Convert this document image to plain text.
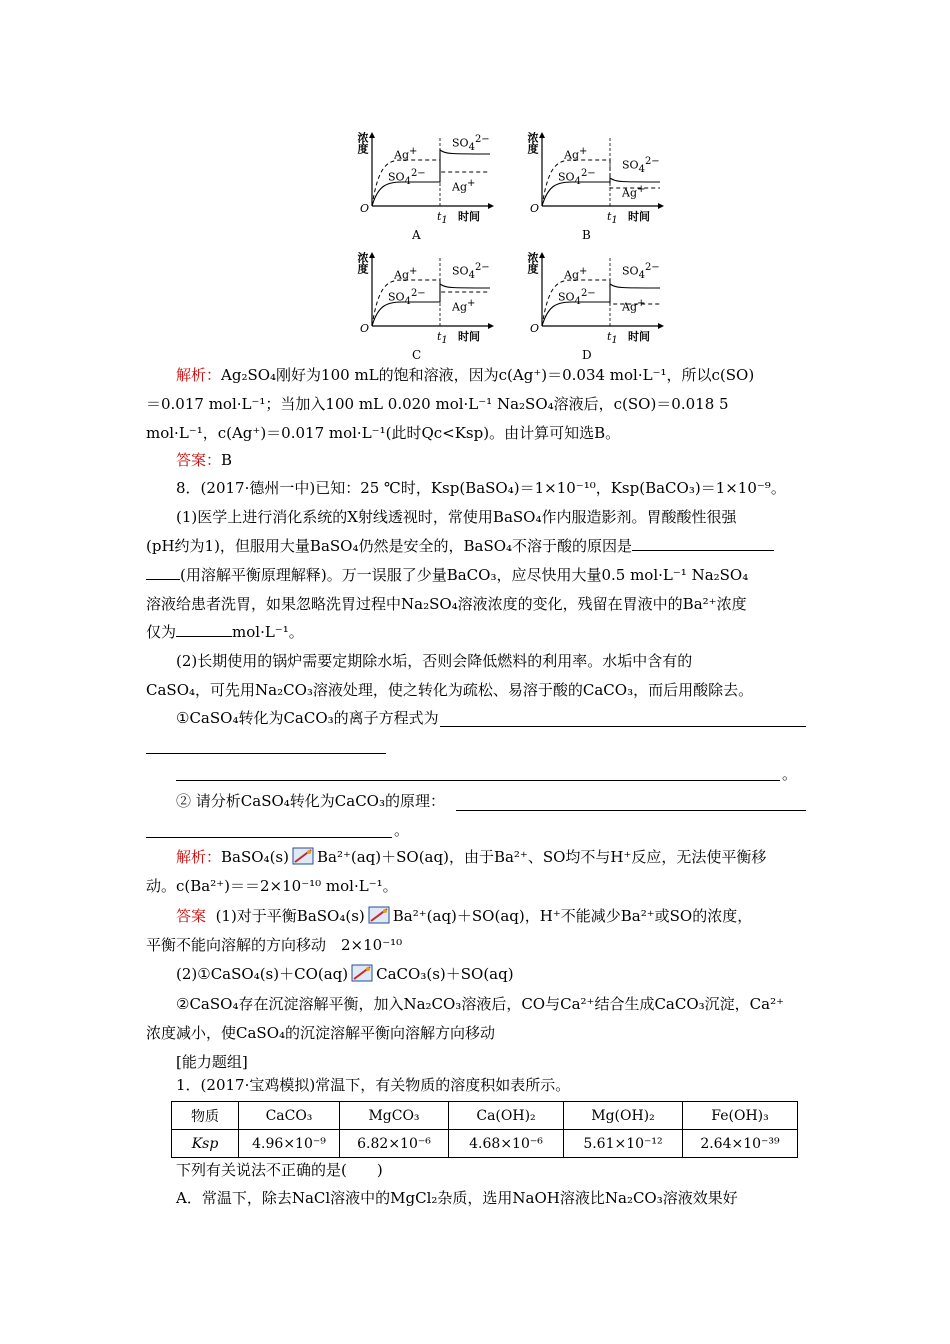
浓度
O
$t_1$ 时间
Ag+
$SO_4^{2-}$
Ag+
$SO_4^{2-}$
A
浓度
O
$t_1$ 时间
Ag+
$SO_4^{2-}$
Ag+
$SO_4^{2-}$
B
浓度
O
$t_1$ 时间
Ag+
$SO_4^{2-}$
Ag+
$SO_4^{2-}$
C
浓度
O
$t_1$ 时间
Ag+
$SO_4^{2-}$
Ag+
$SO_4^{2-}$
D
解析：Ag₂SO₄刚好为100 mL的饱和溶液，因为c(Ag⁺)＝0.034 mol·L⁻¹，所以c(SO)
＝0.017 mol·L⁻¹；当加入100 mL 0.020 mol·L⁻¹ Na₂SO₄溶液后，c(SO)＝0.018 5
mol·L⁻¹，c(Ag⁺)＝0.017 mol·L⁻¹(此时Qc<Ksp)。由计算可知选B。
答案：B
8．(2017·德州一中)已知：25 ℃时，Ksp(BaSO₄)＝1×10⁻¹⁰，Ksp(BaCO₃)＝1×10⁻⁹。
(1)医学上进行消化系统的X射线透视时，常使用BaSO₄作内服造影剂。胃酸酸性很强
(pH约为1)，但服用大量BaSO₄仍然是安全的，BaSO₄不溶于酸的原因是
(用溶解平衡原理解释)。万一误服了少量BaCO₃，应尽快用大量0.5 mol·L⁻¹ Na₂SO₄
溶液给患者洗胃，如果忽略洗胃过程中Na₂SO₄溶液浓度的变化，残留在胃液中的Ba²⁺浓度
仅为	mol·L⁻¹。
(2)长期使用的锅炉需要定期除水垢，否则会降低燃料的利用率。水垢中含有的
CaSO₄，可先用Na₂CO₃溶液处理，使之转化为疏松、易溶于酸的CaCO₃，而后用酸除去。
①CaSO₄转化为CaCO₃的离子方程式为
。
② 请分析CaSO₄转化为CaCO₃的原理：
。
解析：BaSO₄(s) Ba²⁺(aq)＋SO(aq)，由于Ba²⁺、SO均不与H⁺反应，无法使平衡移
动。c(Ba²⁺)＝＝2×10⁻¹⁰ mol·L⁻¹。
答案 (1)对于平衡BaSO₄(s) Ba²⁺(aq)＋SO(aq)，H⁺不能减少Ba²⁺或SO的浓度，
平衡不能向溶解的方向移动　2×10⁻¹⁰
(2)①CaSO₄(s)＋CO(aq) CaCO₃(s)＋SO(aq)
②CaSO₄存在沉淀溶解平衡，加入Na₂CO₃溶液后，CO与Ca²⁺结合生成CaCO₃沉淀，Ca²⁺
浓度减小，使CaSO₄的沉淀溶解平衡向溶解方向移动
[能力题组]
1．(2017·宝鸡模拟)常温下，有关物质的溶度积如表所示。
物质	CaCO₃	MgCO₃	Ca(OH)₂	Mg(OH)₂	Fe(OH)₃
Ksp	4.96×10⁻⁹	6.82×10⁻⁶	4.68×10⁻⁶	5.61×10⁻¹²	2.64×10⁻³⁹
下列有关说法不正确的是(　　)
A．常温下，除去NaCl溶液中的MgCl₂杂质，选用NaOH溶液比Na₂CO₃溶液效果好
